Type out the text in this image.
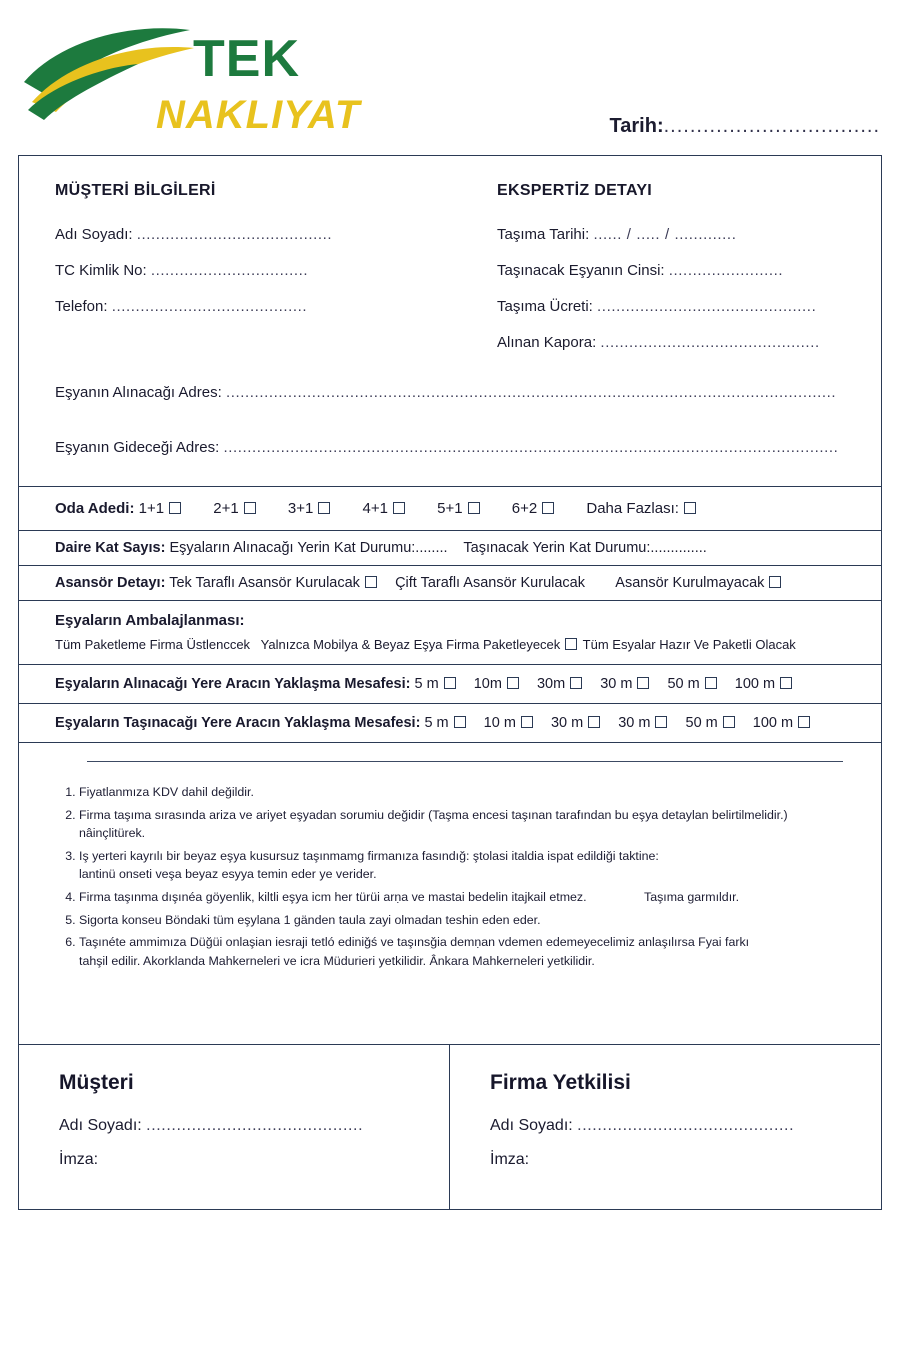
TEK
NAKLIYAT	Tarih:.................................
MÜŞTERİ BİLGİLERİ
Adı Soyadı: .........................................
TC Kimlik No: .................................
Telefon: .........................................
EKSPERTİZ DETAYI
Taşıma Tarihi: ...... / ..... / .............
Taşınacak Eşyanın Cinsi: ........................
Taşıma Ücreti: ..............................................
Alınan Kapora: ..............................................
Eşyanın Alınacağı Adres: ................................................................................................................................
Eşyanın Gideceği Adres: .................................................................................................................................
Oda Adedi: 1+1	2+1	3+1	4+1	5+1	6+2	Daha Fazlası:
Daire Kat Sayıs: Eşyaların Alınacağı Yerin Kat Durumu:........ Taşınacak Yerin Kat Durumu:..............
Asansör Detayı: Tek Taraflı Asansör Kurulacak Çift Taraflı Asansör Kurulacak Asansör Kurulmayacak
Eşyaların Ambalajlanması:
Tüm Paketleme Firma Üstlenccek Yalnızca Mobilya & Beyaz Eşya Firma Paketleyecek Tüm Esyalar Hazır Ve Paketli Olacak
Eşyaların Alınacağı Yere Aracın Yaklaşma Mesafesi: 5 m 10m 30m 30 m 50 m 100 m
Eşyaların Taşınacağı Yere Aracın Yaklaşma Mesafesi: 5 m 10 m 30 m 30 m 50 m 100 m
1. Fiyatlanmıza KDV dahil değildir.
2. Firma taşıma sırasında ariza ve ariyet eşyadan sorumiu değidir (Taşma encesi taşınan tarafından bu eşya detaylan belirtilmelidir.)
nâinçlitürek.
3. Iş yerteri kayrılı bir beyaz eşya kusursuz taşınmamg firmanıza fasındığ: ştolasi italdia ispat edildiği taktine:
lantinü onseti veşa beyaz esyya temin eder ye verider.
4. Firma taşınma dışınéa göyenlik, kiltli eşya icm her türüi arṇa ve mastai bedelin itajkail etmez.	Taşıma garmıldır.
5. Sigorta konseu Böndaki tüm eşylana 1 gänden taula zayi olmadan teshin eden eder.
6. Taşınéte ammimıza Düğüi onlaşian iesraji tetló ediniǧś ve taşınsǧia demṇan vdemen edemeyecelimiz anlaşılırsa Fyai farkı
tahşil edilir. Akorklanda Mahkerneleri ve icra Müdurieri yetkilidir. Ânkara Mahkerneleri yetkilidir.
Müşteri
Adı Soyadı: ...........................................
İmza:
Firma Yetkilisi
Adı Soyadı: ...........................................
İmza:
